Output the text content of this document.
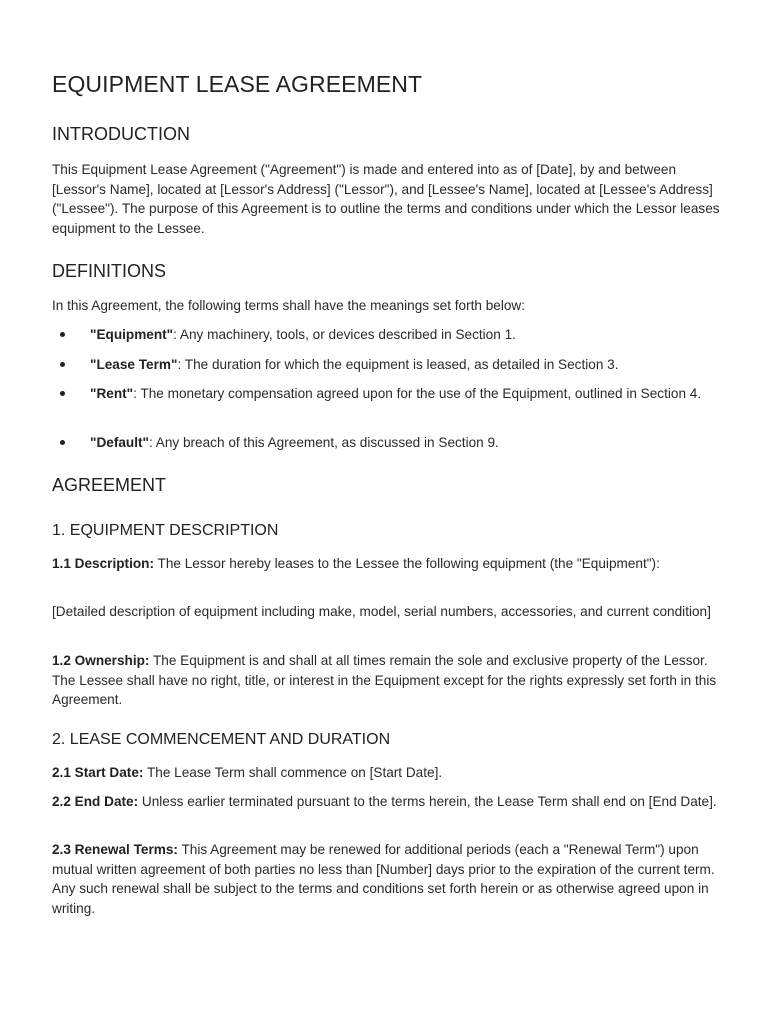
EQUIPMENT LEASE AGREEMENT
INTRODUCTION

This Equipment Lease Agreement ("Agreement") is made and entered into as of [Date], by and between [Lessor's Name], located at [Lessor's Address] ("Lessor"), and [Lessee's Name], located at [Lessee's Address] ("Lessee"). The purpose of this Agreement is to outline the terms and conditions under which the Lessor leases equipment to the Lessee.

DEFINITIONS

In this Agreement, the following terms shall have the meanings set forth below:

"Equipment": Any machinery, tools, or devices described in Section 1.

"Lease Term": The duration for which the equipment is leased, as detailed in Section 3.

"Rent": The monetary compensation agreed upon for the use of the Equipment, outlined in Section 4.

"Default": Any breach of this Agreement, as discussed in Section 9.

AGREEMENT
1. EQUIPMENT DESCRIPTION

1.1 Description: The Lessor hereby leases to the Lessee the following equipment (the "Equipment"):

[Detailed description of equipment including make, model, serial numbers, accessories, and current condition]

1.2 Ownership: The Equipment is and shall at all times remain the sole and exclusive property of the Lessor. The Lessee shall have no right, title, or interest in the Equipment except for the rights expressly set forth in this Agreement.

2. LEASE COMMENCEMENT AND DURATION

2.1 Start Date: The Lease Term shall commence on [Start Date].

2.2 End Date: Unless earlier terminated pursuant to the terms herein, the Lease Term shall end on [End Date].

2.3 Renewal Terms: This Agreement may be renewed for additional periods (each a "Renewal Term") upon mutual written agreement of both parties no less than [Number] days prior to the expiration of the current term. Any such renewal shall be subject to the terms and conditions set forth herein or as otherwise agreed upon in writing.
